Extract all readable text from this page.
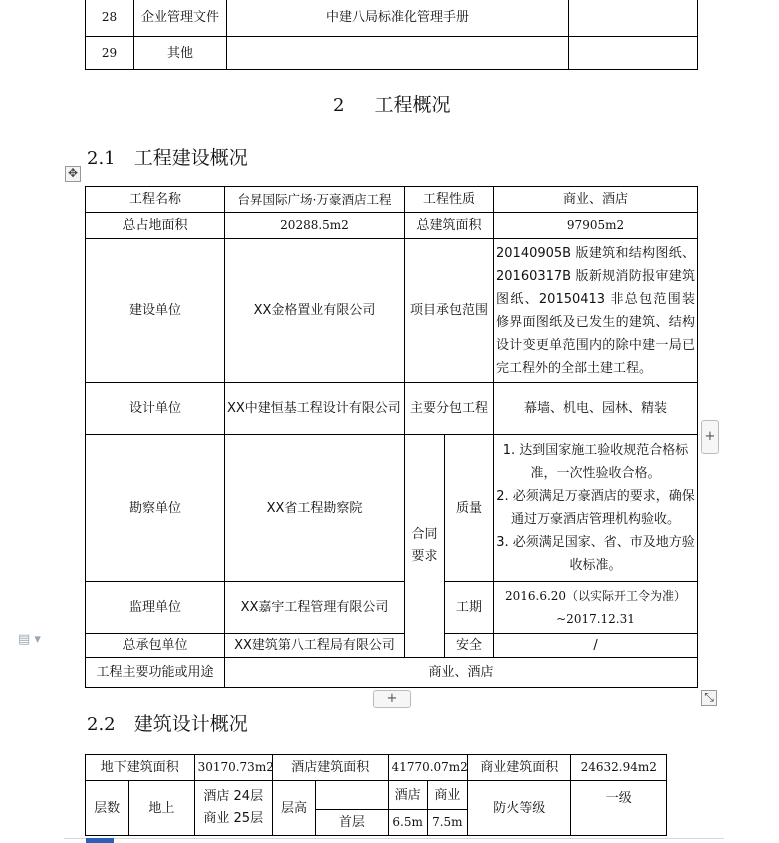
28	企业管理文件	中建八局标准化管理手册	
29	其他		
2 工程概况
2.1 工程建设概况
✥
工程名称	台昇国际广场·万豪酒店工程	工程性质		商业、酒店
总占地面积	20288.5m2	总建筑面积		97905m2
建设单位	XX金格置业有限公司	项目承包范围		20140905B 版建筑和结构图纸、20160317B 版新规消防报审建筑图纸、20150413 非总包范围装修界面图纸及已发生的建筑、结构设计变更单范围内的除中建一局已完工程外的全部土建工程。
设计单位	XX中建恒基工程设计有限公司	主要分包工程		幕墙、机电、园林、精装
勘察单位	XX省工程勘察院	合同要求	质量	1. 达到国家施工验收规范合格标准，一次性验收合格。
2. 必须满足万豪酒店的要求，确保通过万豪酒店管理机构验收。
3. 必须满足国家、省、市及地方验收标准。

监理单位	XX嘉宇工程管理有限公司		工期	2016.6.20（以实际开工令为准）~2017.12.31
总承包单位	XX建筑第八工程局有限公司		安全	/
工程主要功能或用途	商业、酒店			
+
+	⤡
▤ ▾
2.2 建筑设计概况
地下建筑面积		30170.73m2	酒店建筑面积		41770.07m2		商业建筑面积	24632.94m2
层数	地上	酒店 24层
商业 25层	层高		酒店	商业	防火等级	一级
				首层	6.5m	7.5m		
